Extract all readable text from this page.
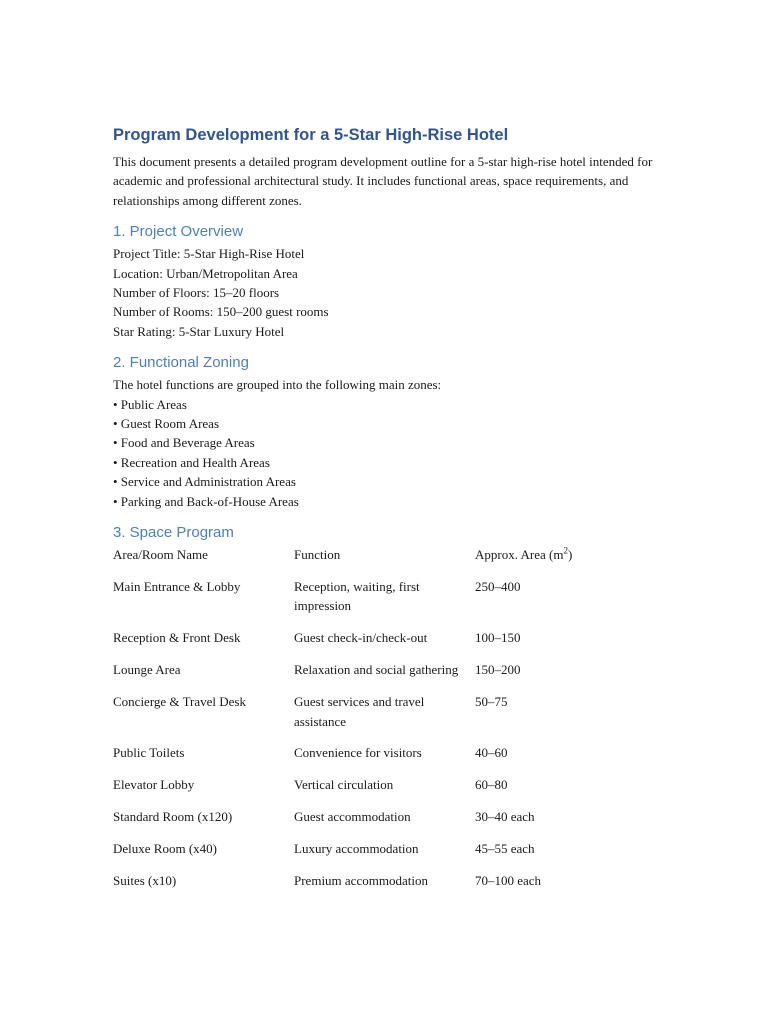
Program Development for a 5-Star High-Rise Hotel

This document presents a detailed program development outline for a 5-star high-rise hotel intended for academic and professional architectural study. It includes functional areas, space requirements, and relationships among different zones.

1. Project Overview
Project Title: 5-Star High-Rise Hotel
Location: Urban/Metropolitan Area
Number of Floors: 15–20 floors
Number of Rooms: 150–200 guest rooms
Star Rating: 5-Star Luxury Hotel
2. Functional Zoning
The hotel functions are grouped into the following main zones:
• Public Areas
• Guest Room Areas
• Food and Beverage Areas
• Recreation and Health Areas
• Service and Administration Areas
• Parking and Back-of-House Areas
3. Space Program
Area/Room Name	Function	Approx. Area $(m^2)$
Main Entrance & Lobby	Reception, waiting, first impression	250–400
Reception & Front Desk	Guest check-in/check-out	100–150
Lounge Area	Relaxation and social gathering	150–200
Concierge & Travel Desk	Guest services and travel assistance	50–75
Public Toilets	Convenience for visitors	40–60
Elevator Lobby	Vertical circulation	60–80
Standard Room (x120)	Guest accommodation	30–40 each
Deluxe Room (x40)	Luxury accommodation	45–55 each
Suites (x10)	Premium accommodation	70–100 each
